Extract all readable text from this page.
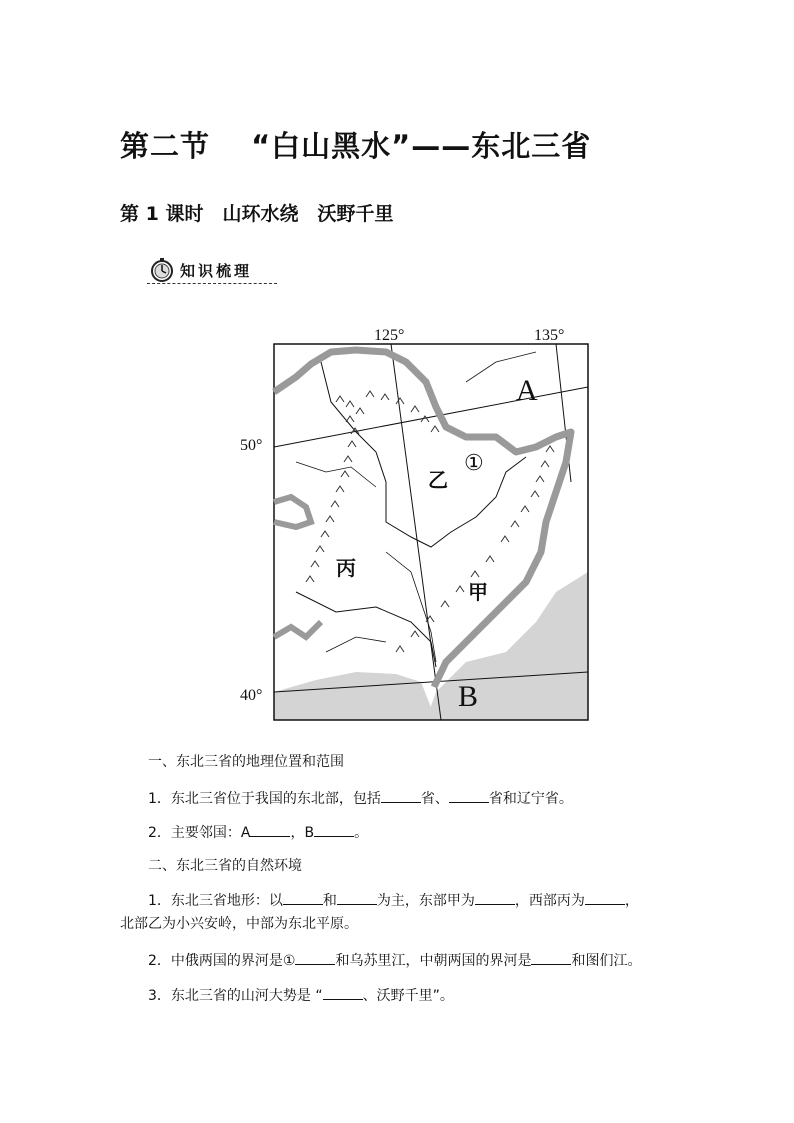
第二节　 “白山黑水”——东北三省
第 1 课时　山环水绕　沃野千里
知识梳理
125°	135°
50°
40°
A
B
乙
丙
甲
①
一、东北三省的地理位置和范围
1．东北三省位于我国的东北部，包括	省、	省和辽宁省。
2．主要邻国：A	，B	。
二、东北三省的自然环境
1．东北三省地形：以	和	为主，东部甲为	，西部丙为	，
北部乙为小兴安岭，中部为东北平原。
2．中俄两国的界河是①	和乌苏里江，中朝两国的界河是	和图们江。
3．东北三省的山河大势是 “	、沃野千里”。
